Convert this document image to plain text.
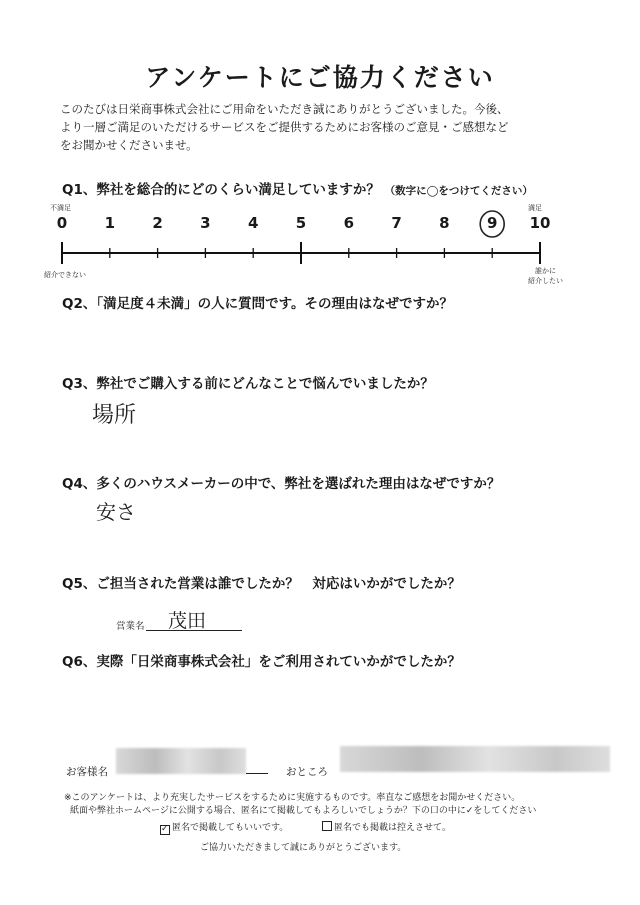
アンケートにご協力ください
このたびは日栄商事株式会社にご用命をいただき誠にありがとうございました。今後、
より一層ご満足のいただけるサービスをご提供するためにお客様のご意見・ご感想など
をお聞かせくださいませ。
Q1、弊社を総合的にどのくらい満足していますか？ （数字に◯をつけてください）
不満足	満足
0 1 2 3 4 5 6 7 8 9 10
紹介できない	誰かに
紹介したい
Q2、「満足度４未満」の人に質問です。その理由はなぜですか？
Q3、弊社でご購入する前にどんなことで悩んでいましたか？
場所
Q4、多くのハウスメーカーの中で、弊社を選ばれた理由はなぜですか？
安さ
Q5、ご担当された営業は誰でしたか？　対応はいかがでしたか？
営業名 茂田
Q6、実際「日栄商事株式会社」をご利用されていかがでしたか？
お客様名	おところ
※このアンケートは、より充実したサービスをするために実施するものです。率直なご感想をお聞かせください。
紙面や弊社ホームページに公開する場合、匿名にて掲載してもよろしいでしょうか？下の口の中に✓をしてください
✓ 匿名で掲載してもいいです。	匿名でも掲載は控えさせて。
ご協力いただきまして誠にありがとうございます。
